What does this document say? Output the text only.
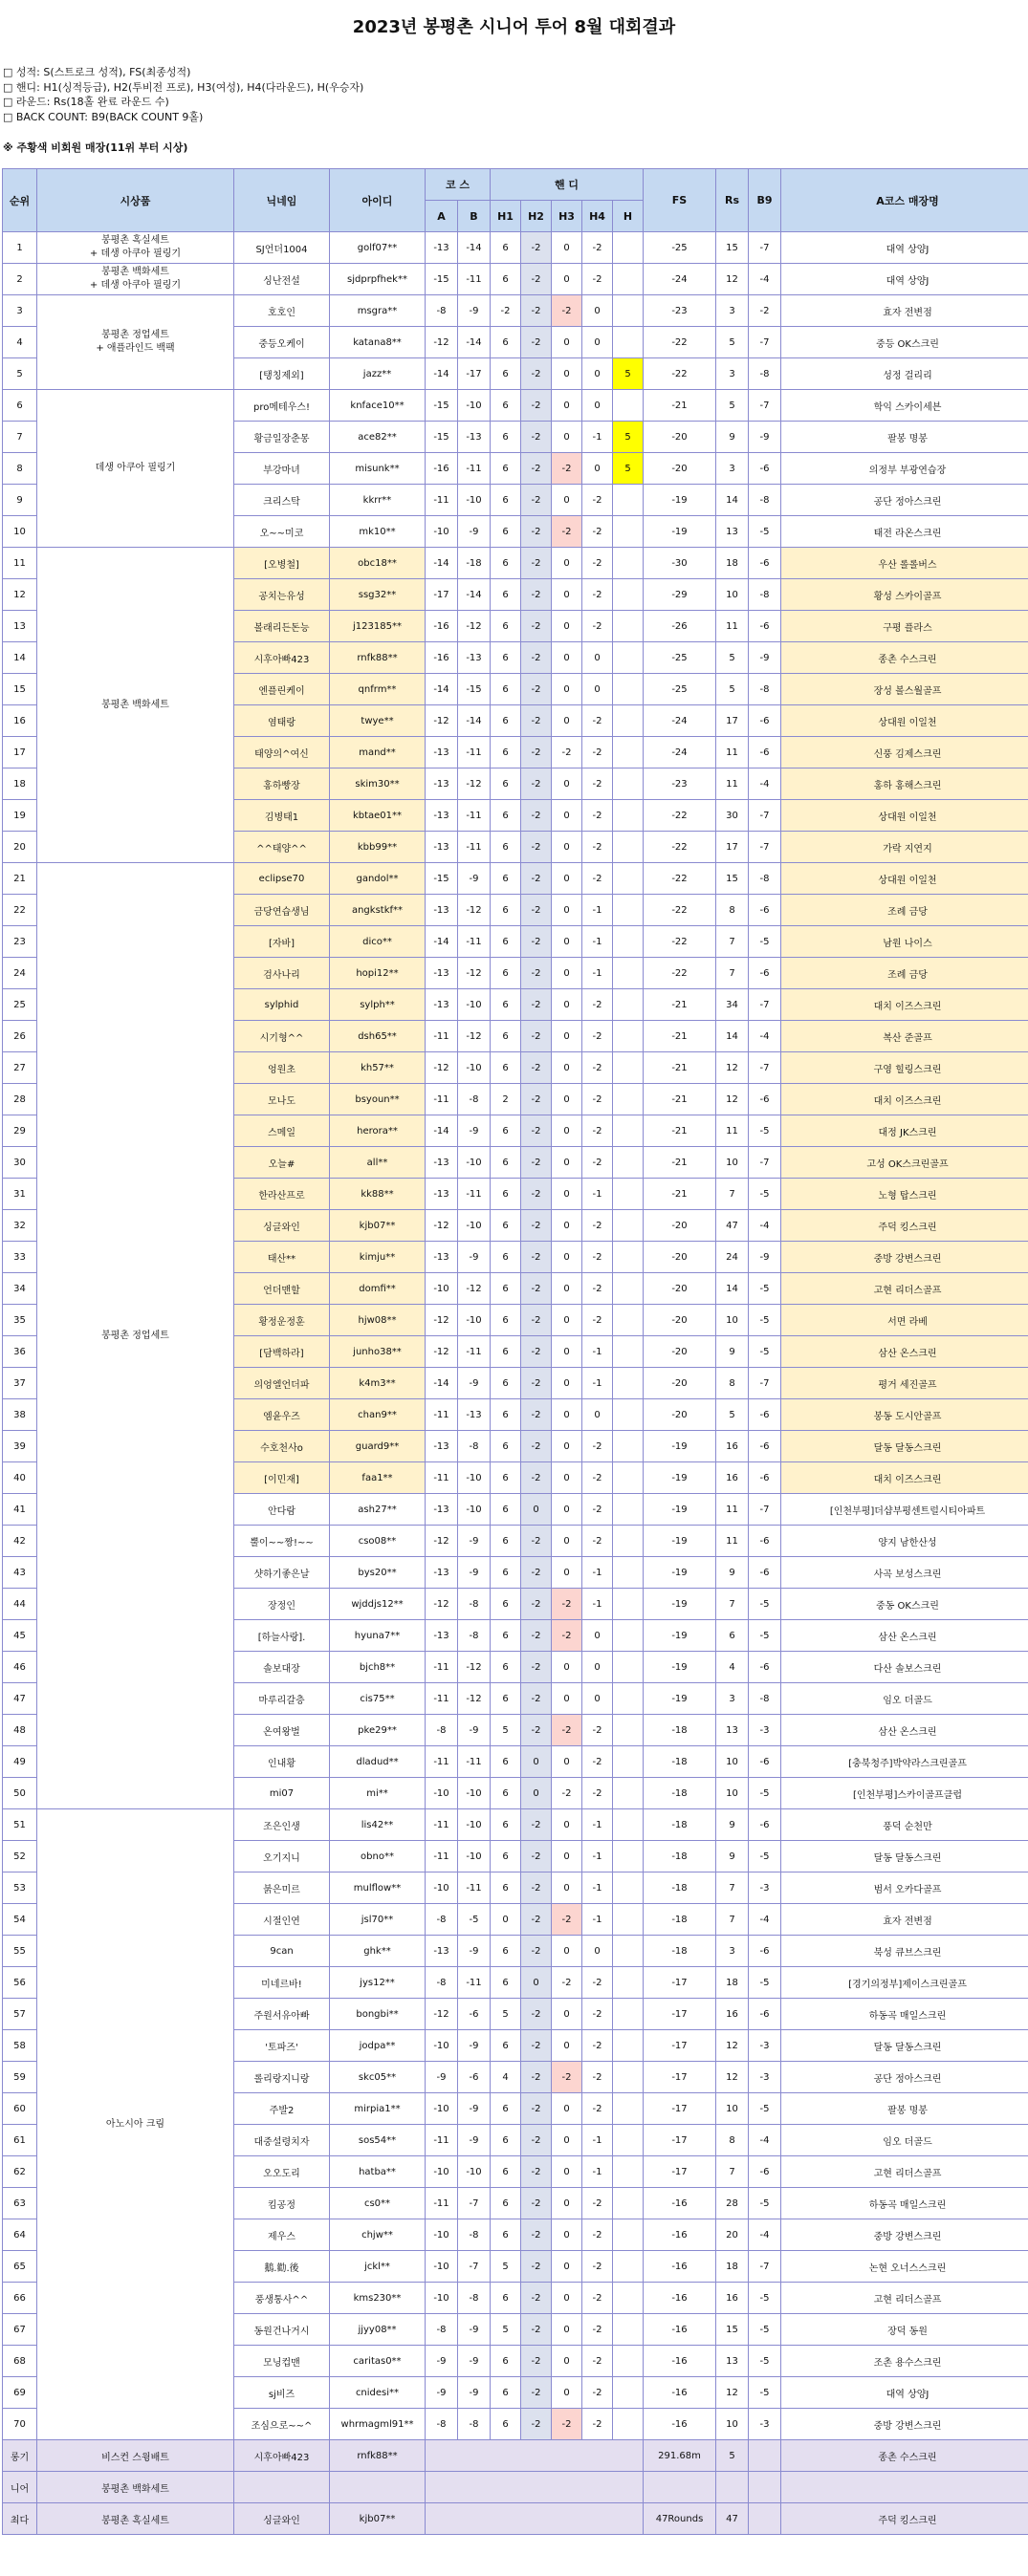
2023년 봉평촌 시니어 투어 8월 대회결과
□ 성적: S(스트로크 성적), FS(최종성적)
□ 핸디: H1(싱적등급), H2(투비전 프로), H3(여성), H4(다라운드), H(우승자)
□ 라운드: Rs(18홀 완료 라운드 수)
□ BACK COUNT: B9(BACK COUNT 9홀)
※ 주황색 비회원 매장(11위 부터 시상)
순위	시상품	닉네임	아이디	코 스		핸 디					FS	Rs	B9	A코스 매장명
				A	B	H1	H2	H3	H4	H				
1	봉평촌 혹실세트
+ 데생 아쿠아 필링기	SJ언더1004	golf07**	-13	-14	6	-2	0	-2		-25	15	-7	대역 상양J
2	봉평촌 백화세트
+ 데생 아쿠아 필링기	싱난전설	sjdprpfhek**	-15	-11	6	-2	0	-2		-24	12	-4	대역 상양J
3	봉평촌 정업세트
+ 애플라인드 백팩	호호인	msgra**	-8	-9	-2	-2	-2	0		-23	3	-2	효자 전변점
4		중등오케이	katana8**	-12	-14	6	-2	0	0		-22	5	-7	중등 OK스크린
5		[탱칭제외]	jazz**	-14	-17	6	-2	0	0	5	-22	3	-8	성정 걸리리
6	데생 아쿠아 필링기	pro메테우스!	knface10**	-15	-10	6	-2	0	0		-21	5	-7	학익 스카이세븐
7		황금일장춘몽	ace82**	-15	-13	6	-2	0	-1	5	-20	9	-9	팔봉 명봉
8		부강마녀	misunk**	-16	-11	6	-2	-2	0	5	-20	3	-6	의정부 부광연습장
9		크리스탁	kkrr**	-11	-10	6	-2	0	-2		-19	14	-8	공단 정아스크린
10		오~~미코	mk10**	-10	-9	6	-2	-2	-2		-19	13	-5	태전 라온스크린
11	봉평촌 백화세트	[오병철]	obc18**	-14	-18	6	-2	0	-2		-30	18	-6	우산 롤롤버스
12		공치는유성	ssg32**	-17	-14	6	-2	0	-2		-29	10	-8	황성 스카이골프
13		볼래리든돈능	j123185**	-16	-12	6	-2	0	-2		-26	11	-6	구평 플라스
14		시후아빠423	rnfk88**	-16	-13	6	-2	0	0		-25	5	-9	종촌 수스크린
15		엔플린케이	qnfrm**	-14	-15	6	-2	0	0		-25	5	-8	장성 볼스월골프
16		염태랑	twye**	-12	-14	6	-2	0	-2		-24	17	-6	상대원 이일천
17		태양의^여신	mand**	-13	-11	6	-2	-2	-2		-24	11	-6	신풍 김제스크린
18		홍하빵장	skim30**	-13	-12	6	-2	0	-2		-23	11	-4	홍하 홍해스크린
19		김병태1	kbtae01**	-13	-11	6	-2	0	-2		-22	30	-7	상대원 이일천
20		^^태양^^	kbb99**	-13	-11	6	-2	0	-2		-22	17	-7	가락 지연지
21	봉평촌 정업세트	eclipse70	gandol**	-15	-9	6	-2	0	-2		-22	15	-8	상대원 이일천
22		금당연습생님	angkstkf**	-13	-12	6	-2	0	-1		-22	8	-6	조례 금당
23		[자바]	dico**	-14	-11	6	-2	0	-1		-22	7	-5	남원 나이스
24		검사나리	hopi12**	-13	-12	6	-2	0	-1		-22	7	-6	조례 금당
25		sylphid	sylph**	-13	-10	6	-2	0	-2		-21	34	-7	대치 이즈스크린
26		시기형^^	dsh65**	-11	-12	6	-2	0	-2		-21	14	-4	복산 준골프
27		엉원초	kh57**	-12	-10	6	-2	0	-2		-21	12	-7	구영 힐링스크린
28		모나도	bsyoun**	-11	-8	2	-2	0	-2		-21	12	-6	대치 이즈스크린
29		스메일	herora**	-14	-9	6	-2	0	-2		-21	11	-5	대정 JK스크린
30		오늘#	all**	-13	-10	6	-2	0	-2		-21	10	-7	고성 OK스크린골프
31		한라산프로	kk88**	-13	-11	6	-2	0	-1		-21	7	-5	노형 탑스크린
32		싱글와인	kjb07**	-12	-10	6	-2	0	-2		-20	47	-4	주덕 킹스크린
33		태산**	kimju**	-13	-9	6	-2	0	-2		-20	24	-9	중방 강변스크린
34		언더맨할	domfi**	-10	-12	6	-2	0	-2		-20	14	-5	고현 리더스골프
35		황정운정훈	hjw08**	-12	-10	6	-2	0	-2		-20	10	-5	서면 라베
36		[담백하라]	junho38**	-12	-11	6	-2	0	-1		-20	9	-5	삼산 온스크린
37		의엉엘언더파	k4m3**	-14	-9	6	-2	0	-1		-20	8	-7	평거 세진골프
38		엠윤우즈	chan9**	-11	-13	6	-2	0	0		-20	5	-6	봉동 도시안골프
39		수호천사o	guard9**	-13	-8	6	-2	0	-2		-19	16	-6	달동 달동스크린
40		[이민재]	faa1**	-11	-10	6	-2	0	-2		-19	16	-6	대치 이즈스크린
41		안다람	ash27**	-13	-10	6	0	0	-2		-19	11	-7	[인천부평]더샵부평센트럴시티아파트
42		뿔이~~짱!~~	cso08**	-12	-9	6	-2	0	-2		-19	11	-6	양지 남한산성
43		샷하기좋은날	bys20**	-13	-9	6	-2	0	-1		-19	9	-6	사곡 보성스크린
44		장정인	wjddjs12**	-12	-8	6	-2	-2	-1		-19	7	-5	중동 OK스크린
45		[하늘사랑].	hyuna7**	-13	-8	6	-2	-2	0		-19	6	-5	삼산 온스크린
46		솔보대장	bjch8**	-11	-12	6	-2	0	0		-19	4	-6	다산 솔보스크린
47		마루리갈층	cis75**	-11	-12	6	-2	0	0		-19	3	-8	임오 더골드
48		온여왕벌	pke29**	-8	-9	5	-2	-2	-2		-18	13	-3	삼산 온스크린
49		인내황	dladud**	-11	-11	6	0	0	-2		-18	10	-6	[충북청주]박약라스크린골프
50		mi07	mi**	-10	-10	6	0	-2	-2		-18	10	-5	[인천부평]스카이골프클럽
51	아노시아 크림	조은인생	lis42**	-11	-10	6	-2	0	-1		-18	9	-6	풍덕 순천만
52		오기지니	obno**	-11	-10	6	-2	0	-1		-18	9	-5	달동 달동스크린
53		붉은미르	mulflow**	-10	-11	6	-2	0	-1		-18	7	-3	범서 오카다골프
54		시절인연	jsl70**	-8	-5	0	-2	-2	-1		-18	7	-4	효자 전변점
55		9can	ghk**	-13	-9	6	-2	0	0		-18	3	-6	북성 큐브스크린
56		미네르바!	jys12**	-8	-11	6	0	-2	-2		-17	18	-5	[경기의정부]제이스크린골프
57		주원서유아빠	bongbi**	-12	-6	5	-2	0	-2		-17	16	-6	하동곡 매일스크린
58		'토파즈'	jodpa**	-10	-9	6	-2	0	-2		-17	12	-3	달동 달동스크린
59		롤리랑지니랑	skc05**	-9	-6	4	-2	-2	-2		-17	12	-3	공단 정아스크린
60		주발2	mirpia1**	-10	-9	6	-2	0	-2		-17	10	-5	팔봉 명봉
61		대중설령치자	sos54**	-11	-9	6	-2	0	-1		-17	8	-4	임오 더골드
62		오오도리	hatba**	-10	-10	6	-2	0	-1		-17	7	-6	고현 리더스골프
63		킴공정	cs0**	-11	-7	6	-2	0	-2		-16	28	-5	하동곡 매일스크린
64		제우스	chjw**	-10	-8	6	-2	0	-2		-16	20	-4	중방 강변스크린
65		鵝.勸.後	jckl**	-10	-7	5	-2	0	-2		-16	18	-7	논현 오너스스크린
66		풍생통사^^	kms230**	-10	-8	6	-2	0	-2		-16	16	-5	고현 리더스골프
67		동원건나거시	jjyy08**	-8	-9	5	-2	0	-2		-16	15	-5	장덕 동원
68		모닝컵맨	caritas0**	-9	-9	6	-2	0	-2		-16	13	-5	조촌 용수스크린
69		sj비즈	cnidesi**	-9	-9	6	-2	0	-2		-16	12	-5	대역 상양J
70		조심으로~~^	whrmagml91**	-8	-8	6	-2	-2	-2		-16	10	-3	중방 강변스크린
롱기	비스컨 스윙배트	시후아빠423	rnfk88**								291.68m	5		종촌 수스크린
니어	봉평촌 백화세트													
최다	봉평촌 혹실세트	싱글와인	kjb07**								47Rounds	47		주덕 킹스크린
